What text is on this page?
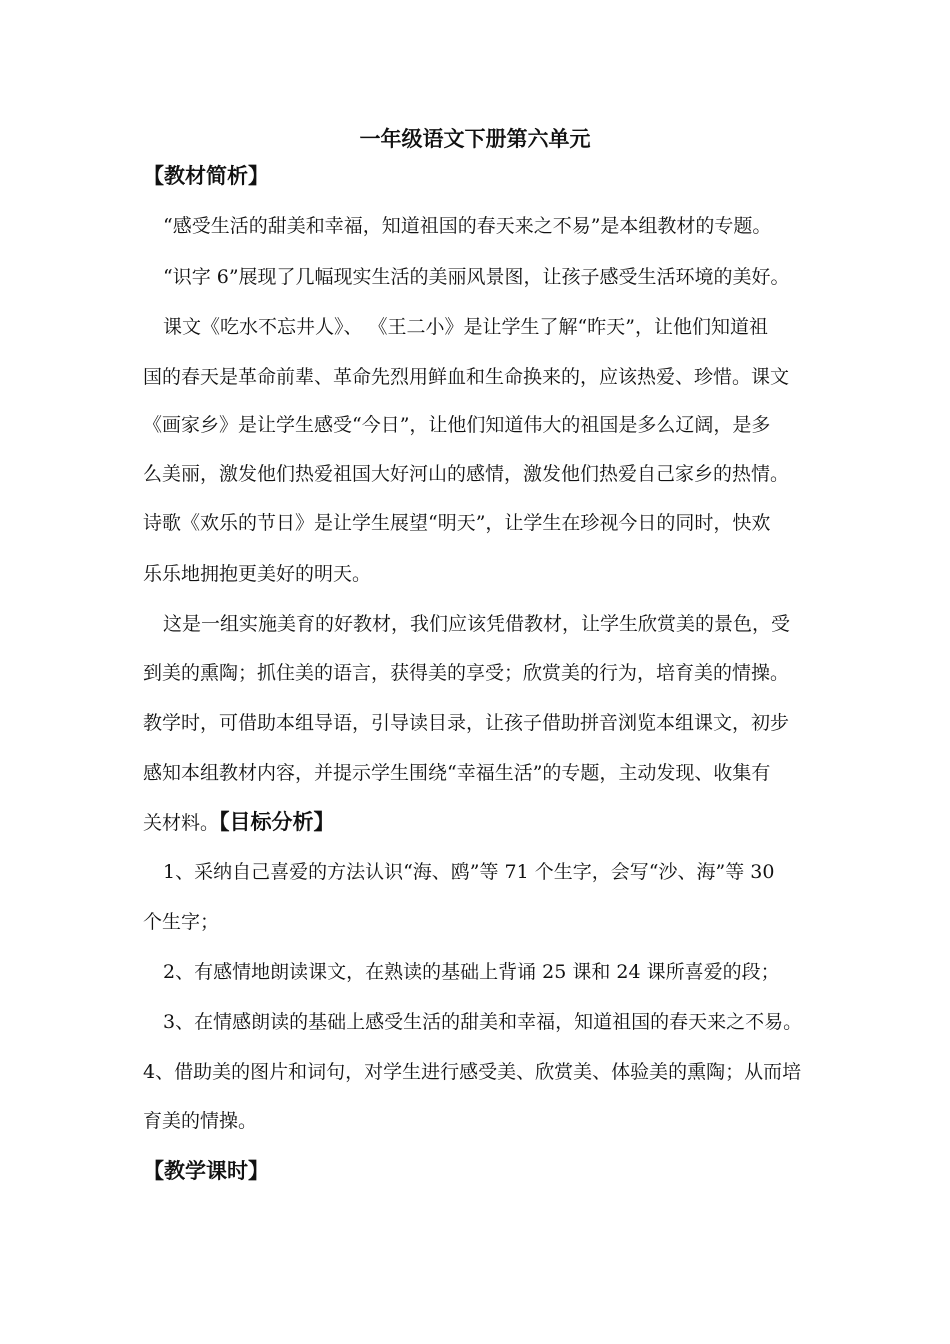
一年级语文下册第六单元
【教材简析】
“感受生活的甜美和幸福，知道祖国的春天来之不易”是本组教材的专题。
“识字 6”展现了几幅现实生活的美丽风景图，让孩子感受生活环境的美好。
课文《吃水不忘井人》、 《王二小》是让学生了解“昨天”，让他们知道祖
国的春天是革命前辈、革命先烈用鲜血和生命换来的，应该热爱、珍惜。课文
《画家乡》是让学生感受“今日”，让他们知道伟大的祖国是多么辽阔，是多
么美丽，激发他们热爱祖国大好河山的感情，激发他们热爱自己家乡的热情。
诗歌《欢乐的节日》是让学生展望“明天”，让学生在珍视今日的同时，快欢
乐乐地拥抱更美好的明天。
这是一组实施美育的好教材，我们应该凭借教材，让学生欣赏美的景色，受
到美的熏陶；抓住美的语言，获得美的享受；欣赏美的行为，培育美的情操。
教学时，可借助本组导语，引导读目录，让孩子借助拼音浏览本组课文，初步
感知本组教材内容，并提示学生围绕“幸福生活”的专题，主动发现、收集有
关材料。【目标分析】
1、采纳自己喜爱的方法认识“海、鸥”等 71 个生字，会写“沙、海”等 30
个生字；
2、有感情地朗读课文，在熟读的基础上背诵 25 课和 24 课所喜爱的段；
3、在情感朗读的基础上感受生活的甜美和幸福，知道祖国的春天来之不易。
4、借助美的图片和词句，对学生进行感受美、欣赏美、体验美的熏陶；从而培
育美的情操。
【教学课时】
